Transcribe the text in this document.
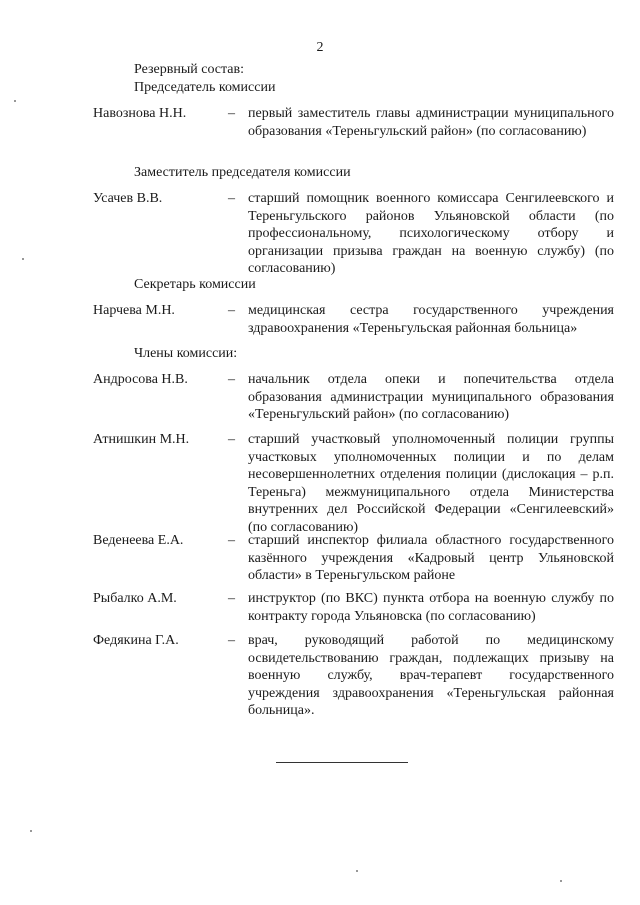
2
Резервный состав:
Председатель комиссии
Навознова Н.Н.	– первый заместитель главы администрации муниципального образования «Тереньгульский район» (по согласованию)

Заместитель председателя комиссии
Усачев В.В.	– старший помощник военного комиссара Сенгилеевского и Тереньгульского районов Ульяновской области (по профессиональному, психологическому отбору и организации призыва граждан на военную службу) (по согласованию)

Секретарь комиссии
Нарчева М.Н.	– медицинская сестра государственного учреждения здравоохранения «Тереньгульская районная больница»

Члены комиссии:
Андросова Н.В.	– начальник отдела опеки и попечительства отдела образования администрации муниципального образования «Тереньгульский район» (по согласованию)

Атнишкин М.Н.	– старший участковый уполномоченный полиции группы участковых уполномоченных полиции и по делам несовершеннолетних отделения полиции (дислокация – р.п. Тереньга) межмуниципального отдела Министерства внутренних дел Российской Федерации «Сенгилеевский» (по согласованию)

Веденеева Е.А.	– старший инспектор филиала областного государственного казённого учреждения «Кадровый центр Ульяновской области» в Тереньгульском районе

Рыбалко А.М.	– инструктор (по ВКС) пункта отбора на военную службу по контракту города Ульяновска (по согласованию)

Федякина Г.А.	– врач, руководящий работой по медицинскому освидетельствованию граждан, подлежащих призыву на военную службу, врач-терапевт государственного учреждения здравоохранения «Тереньгульская районная больница».
